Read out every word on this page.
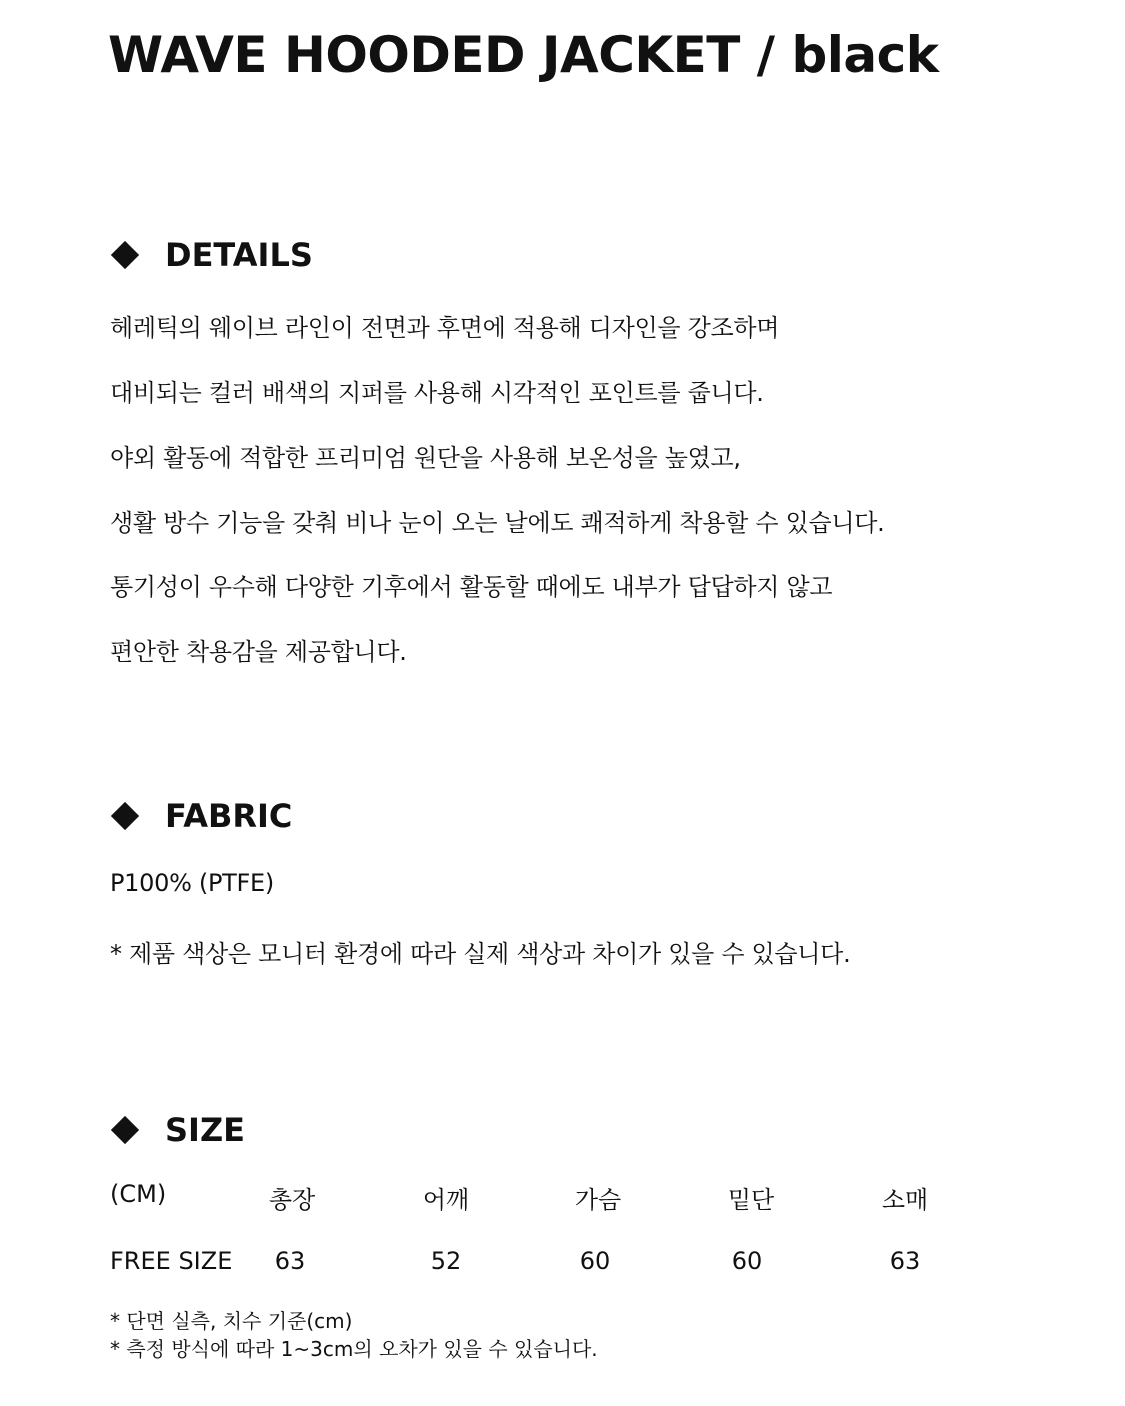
WAVE HOODED JACKET / black
DETAILS

헤레틱의 웨이브 라인이 전면과 후면에 적용해 디자인을 강조하며

대비되는 컬러 배색의 지퍼를 사용해 시각적인 포인트를 줍니다.

야외 활동에 적합한 프리미엄 원단을 사용해 보온성을 높였고,

생활 방수 기능을 갖춰 비나 눈이 오는 날에도 쾌적하게 착용할 수 있습니다.

통기성이 우수해 다양한 기후에서 활동할 때에도 내부가 답답하지 않고

편안한 착용감을 제공합니다.

FABRIC

P100% (PTFE)

* 제품 색상은 모니터 환경에 따라 실제 색상과 차이가 있을 수 있습니다.

SIZE
(CM)	총장	어깨	가슴	밑단	소매
FREE SIZE 63	52	60	60	63

* 단면 실측, 치수 기준(cm)

* 측정 방식에 따라 1~3cm의 오차가 있을 수 있습니다.
